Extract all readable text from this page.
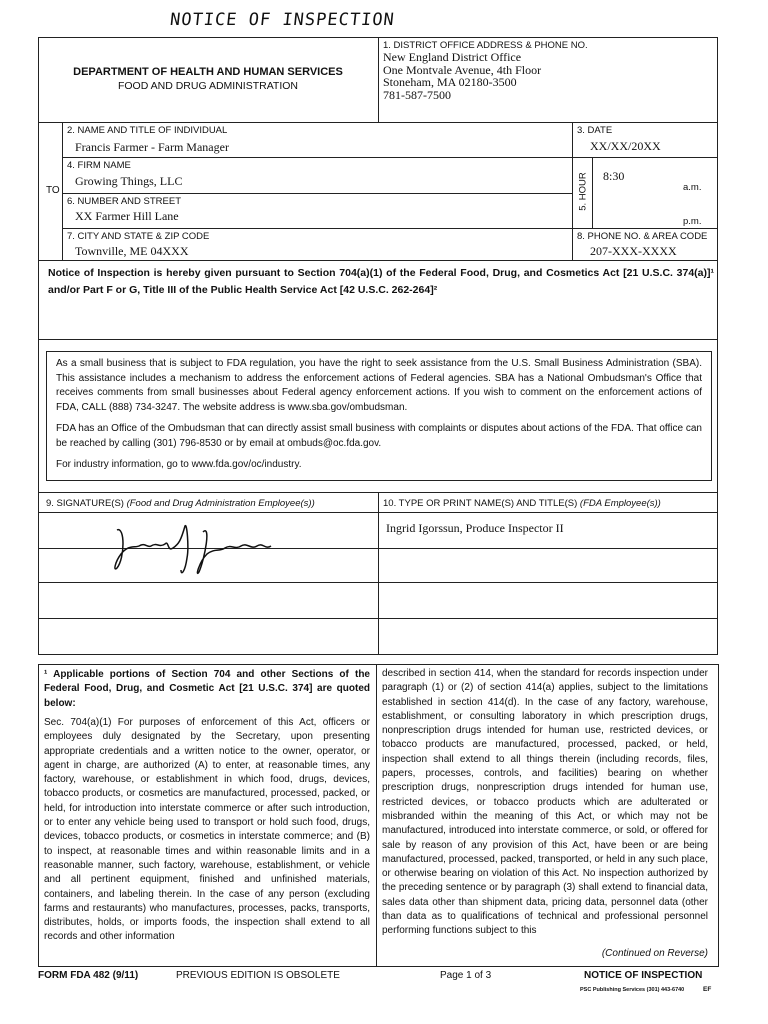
NOTICE OF INSPECTION
DEPARTMENT OF HEALTH AND HUMAN SERVICES
FOOD AND DRUG ADMINISTRATION
1. DISTRICT OFFICE ADDRESS & PHONE NO.
New England District Office
One Montvale Avenue, 4th Floor
Stoneham, MA 02180-3500
781-587-7500
TO
2. NAME AND TITLE OF INDIVIDUAL
Francis Farmer - Farm Manager
3. DATE
XX/XX/20XX
4. FIRM NAME
Growing Things, LLC	5. HOUR 8:30
a.m.
p.m.
6. NUMBER AND STREET
XX Farmer Hill Lane
7. CITY AND STATE & ZIP CODE
Townville, ME 04XXX
8. PHONE NO. & AREA CODE
207-XXX-XXXX
Notice of Inspection is hereby given pursuant to Section 704(a)(1) of the Federal Food, Drug, and Cosmetics Act [21 U.S.C. 374(a)]¹ and/or Part F or G, Title III of the Public Health Service Act [42 U.S.C. 262-264]²

As a small business that is subject to FDA regulation, you have the right to seek assistance from the U.S. Small Business Administration (SBA). This assistance includes a mechanism to address the enforcement actions of Federal agencies. SBA has a National Ombudsman's Office that receives comments from small businesses about Federal agency enforcement actions. If you wish to comment on the enforcement actions of FDA, CALL (888) 734-3247. The website address is www.sba.gov/ombudsman.

FDA has an Office of the Ombudsman that can directly assist small business with complaints or disputes about actions of the FDA. That office can be reached by calling (301) 796-8530 or by email at ombuds@oc.fda.gov.

For industry information, go to www.fda.gov/oc/industry.

9. SIGNATURE(S) (Food and Drug Administration Employee(s))	10. TYPE OR PRINT NAME(S) AND TITLE(S) (FDA Employee(s))
Ingrid Igorssun, Produce Inspector II
¹ Applicable portions of Section 704 and other Sections of the Federal Food, Drug, and Cosmetic Act [21 U.S.C. 374] are quoted below:
Sec. 704(a)(1) For purposes of enforcement of this Act, officers or employees duly designated by the Secretary, upon presenting appropriate credentials and a written notice to the owner, operator, or agent in charge, are authorized (A) to enter, at reasonable times, any factory, warehouse, or establishment in which food, drugs, devices, tobacco products, or cosmetics are manufactured, processed, packed, or held, for introduction into interstate commerce or after such introduction, or to enter any vehicle being used to transport or hold such food, drugs, devices, tobacco products, or cosmetics in interstate commerce; and (B) to inspect, at reasonable times and within reasonable limits and in a reasonable manner, such factory, warehouse, establishment, or vehicle and all pertinent equipment, finished and unfinished materials, containers, and labeling therein. In the case of any person (excluding farms and restaurants) who manufactures, processes, packs, transports, distributes, holds, or imports foods, the inspection shall extend to all records and other information
described in section 414, when the standard for records inspection under paragraph (1) or (2) of section 414(a) applies, subject to the limitations established in section 414(d). In the case of any factory, warehouse, establishment, or consulting laboratory in which prescription drugs, nonprescription drugs intended for human use, restricted devices, or tobacco products are manufactured, processed, packed, or held, inspection shall extend to all things therein (including records, files, papers, processes, controls, and facilities) bearing on whether prescription drugs, nonprescription drugs intended for human use, restricted devices, or tobacco products which are adulterated or misbranded within the meaning of this Act, or which may not be manufactured, introduced into interstate commerce, or sold, or offered for sale by reason of any provision of this Act, have been or are being manufactured, processed, packed, transported, or held in any such place, or otherwise bearing on violation of this Act. No inspection authorized by the preceding sentence or by paragraph (3) shall extend to financial data, sales data other than shipment data, pricing data, personnel data (other than data as to qualifications of technical and professional personnel performing functions subject to this
(Continued on Reverse)
FORM FDA 482 (9/11)	PREVIOUS EDITION IS OBSOLETE	Page 1 of 3	NOTICE OF INSPECTION
PSC Publishing Services (301) 443-6740	EF
